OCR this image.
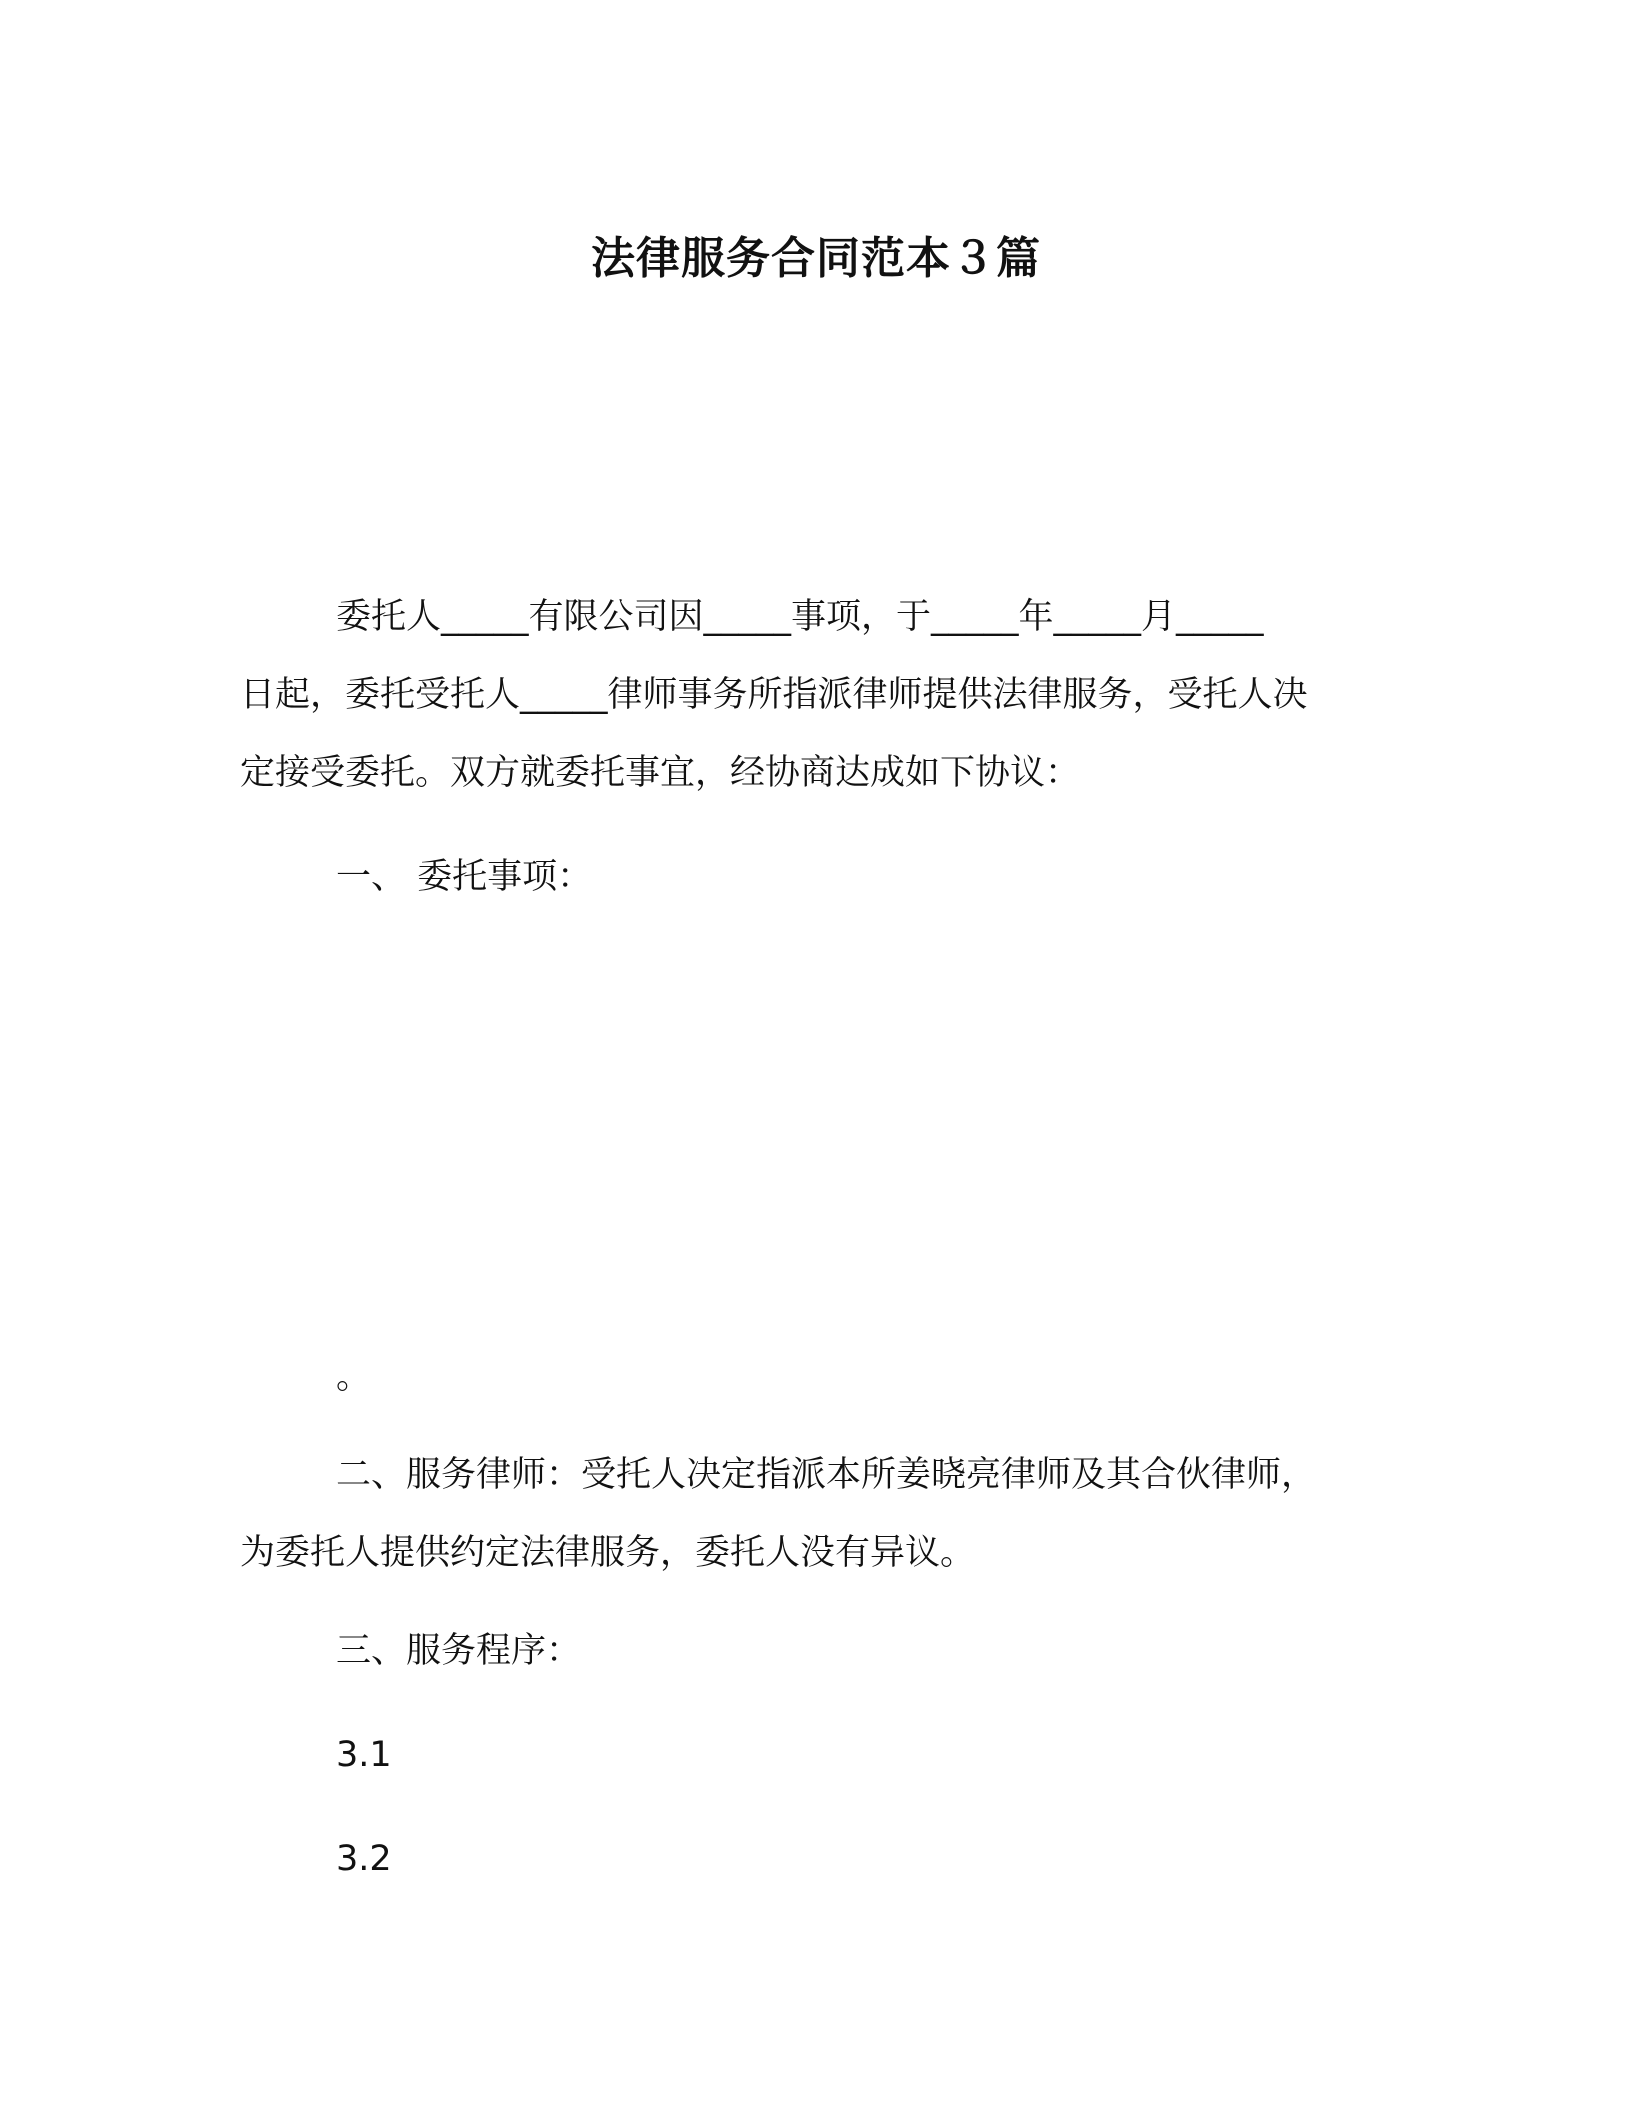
法律服务合同范本３篇
委托人_____有限公司因_____事项，于_____年_____月_____
日起，委托受托人_____律师事务所指派律师提供法律服务，受托人决
定接受委托。双方就委托事宜，经协商达成如下协议：
一、 委托事项：
。
二、服务律师：受托人决定指派本所姜晓亮律师及其合伙律师，
为委托人提供约定法律服务，委托人没有异议。
三、服务程序：
3.1
3.2
